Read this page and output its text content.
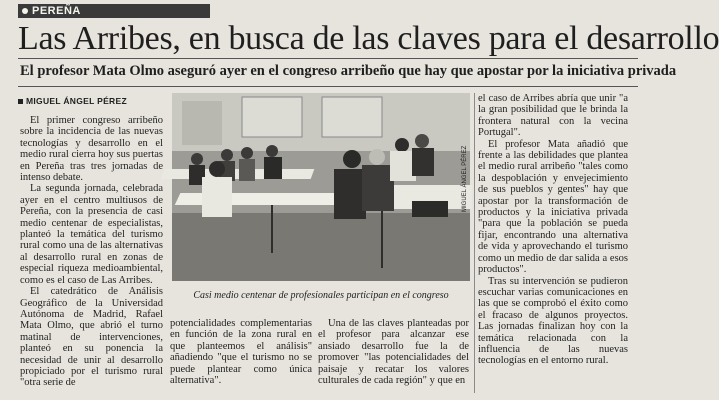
PEREÑA
Las Arribes, en busca de las claves para el desarrollo
El profesor Mata Olmo aseguró ayer en el congreso arribeño que hay que apostar por la iniciativa privada
MIGUEL ÁNGEL PÉREZ

El primer congreso arribeño sobre la incidencia de las nuevas tecnologías y desarrollo en el medio rural cierra hoy sus puertas en Pereña tras tres jornadas de intenso debate.

La segunda jornada, celebrada ayer en el centro multiusos de Pereña, con la presencia de casi medio centenar de especialistas, planteó la temática del turismo rural como una de las alternativas al desarrollo rural en zonas de especial riqueza medioambiental, como es el caso de Las Arribes.

El catedrático de Análisis Geográfico de la Universidad Autónoma de Madrid, Rafael Mata Olmo, que abrió el turno matinal de intervenciones, planteó en su ponencia la necesidad de unir al desarrollo propiciado por el turismo rural "otra serie de

MIGUEL ÁNGEL PÉREZ
Casi medio centenar de profesionales participan en el congreso

potencialidades complementarias en función de la zona rural en que planteemos el análisis" añadiendo "que el turismo no se puede plantear como única alternativa".

Una de las claves planteadas por el profesor para alcanzar ese ansiado desarrollo fue la de promover "las potencialidades del paisaje y recatar los valores culturales de cada región" y que en

el caso de Arribes abría que unir "a la gran posibilidad que le brinda la frontera natural con la vecina Portugal".

El profesor Mata añadió que frente a las debilidades que plantea el medio rural arribeño "tales como la despoblación y envejecimiento de sus pueblos y gentes" hay que apostar por la transformación de productos y la iniciativa privada "para que la población se pueda fijar, encontrando una alternativa de vida y aprovechando el turismo como un medio de dar salida a esos productos".

Tras su intervención se pudieron escuchar varias comunicaciones en las que se comprobó el éxito como el fracaso de algunos proyectos. Las jornadas finalizan hoy con la temática relacionada con la influencia de las nuevas tecnologías en el entorno rural.
